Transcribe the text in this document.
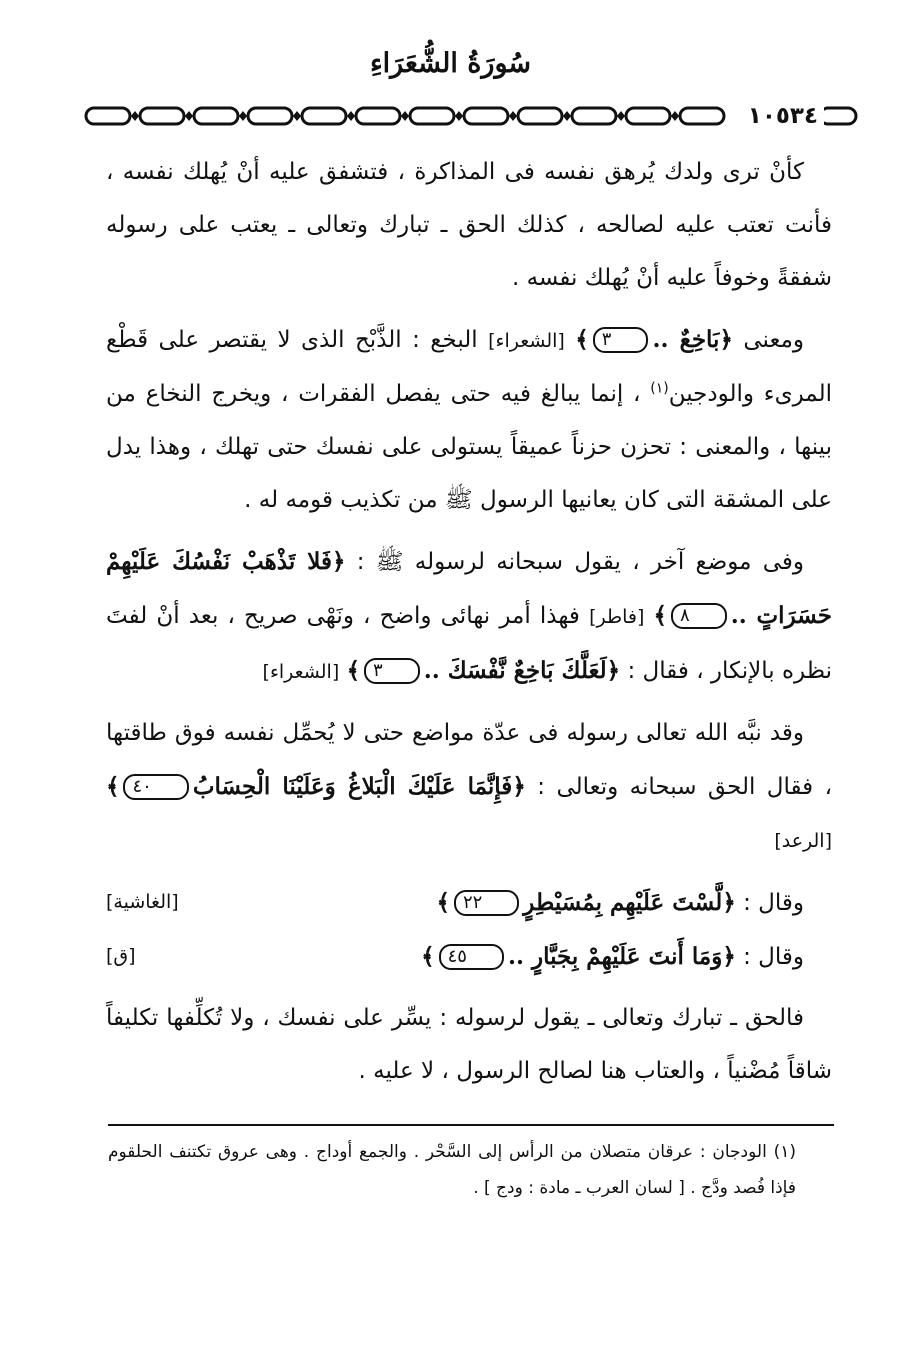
سُورَةُ الشُّعَرَاءِ
١٠٥٣٤

كأنْ ترى ولدك يُرهق نفسه فى المذاكرة ، فتشفق عليه أنْ يُهلك نفسه ، فأنت تعتب عليه لصالحه ، كذلك الحق ـ تبارك وتعالى ـ يعتب على رسوله شفقةً وخوفاً عليه أنْ يُهلك نفسه .

ومعنى ﴿بَاخِعٌ ..٣﴾ [الشعراء] البخع : الذَّبْح الذى لا يقتصر على قَطْع المرىء والودجين$^{(١)}$ ، إنما يبالغ فيه حتى يفصل الفقرات ، ويخرج النخاع من بينها ، والمعنى : تحزن حزناً عميقاً يستولى على نفسك حتى تهلك ، وهذا يدل على المشقة التى كان يعانيها الرسول ﷺ من تكذيب قومه له .

وفى موضع آخر ، يقول سبحانه لرسوله ﷺ : ﴿فَلا تَذْهَبْ نَفْسُكَ عَلَيْهِمْ حَسَرَاتٍ ..٨﴾ [فاطر] فهذا أمر نهائى واضح ، ونَهْى صريح ، بعد أنْ لفتَ نظره بالإنكار ، فقال : ﴿لَعَلَّكَ بَاخِعٌ نَّفْسَكَ ..٣﴾ [الشعراء]

وقد نبَّه الله تعالى رسوله فى عدّة مواضع حتى لا يُحمِّل نفسه فوق طاقتها ، فقال الحق سبحانه وتعالى : ﴿فَإِنَّمَا عَلَيْكَ الْبَلاغُ وَعَلَيْنَا الْحِسَابُ٤٠﴾ [الرعد]

وقال : ﴿لَّسْتَ عَلَيْهِم بِمُسَيْطِرٍ٢٢﴾
[الغاشية]

وقال : ﴿وَمَا أَنتَ عَلَيْهِمْ بِجَبَّارٍ ..٤٥﴾
[ق]

فالحق ـ تبارك وتعالى ـ يقول لرسوله : يسِّر على نفسك ، ولا تُكلِّفها تكليفاً شاقاً مُضْنياً ، والعتاب هنا لصالح الرسول ، لا عليه .

(١) الودجان : عرقان متصلان من الرأس إلى السَّحْر . والجمع أوداج . وهى عروق تكتنف الحلقوم فإذا فُصد ودَّج . [ لسان العرب ـ مادة : ودج ] .
